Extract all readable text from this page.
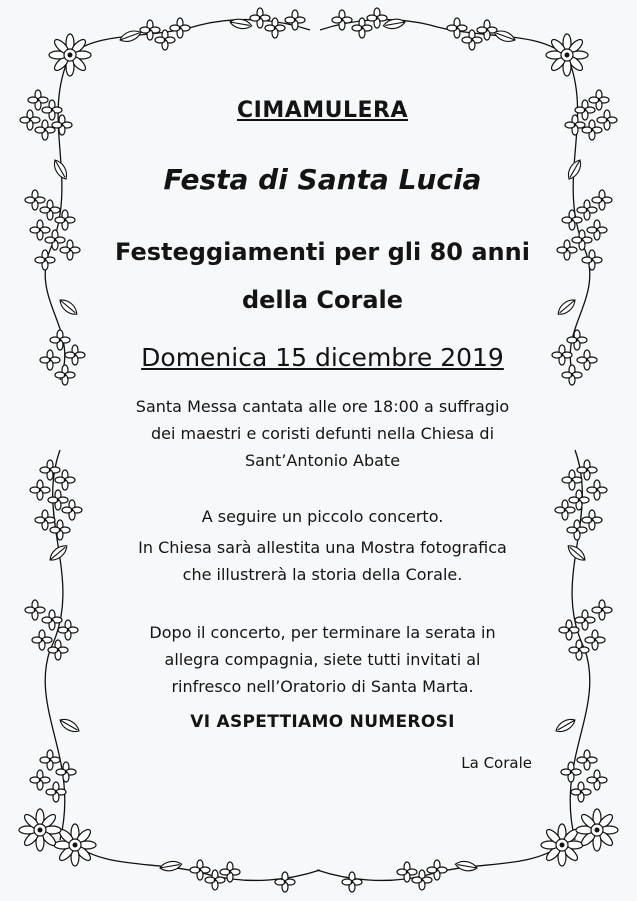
CIMAMULERA
Festa di Santa Lucia
Festeggiamenti per gli 80 anni
della Corale
Domenica 15 dicembre 2019
Santa Messa cantata alle ore 18:00 a suffragio
dei maestri e coristi defunti nella Chiesa di
Sant’Antonio Abate
A seguire un piccolo concerto.
In Chiesa sarà allestita una Mostra fotografica
che illustrerà la storia della Corale.
Dopo il concerto, per terminare la serata in
allegra compagnia, siete tutti invitati al
rinfresco nell’Oratorio di Santa Marta.
VI ASPETTIAMO NUMEROSI
La Corale
